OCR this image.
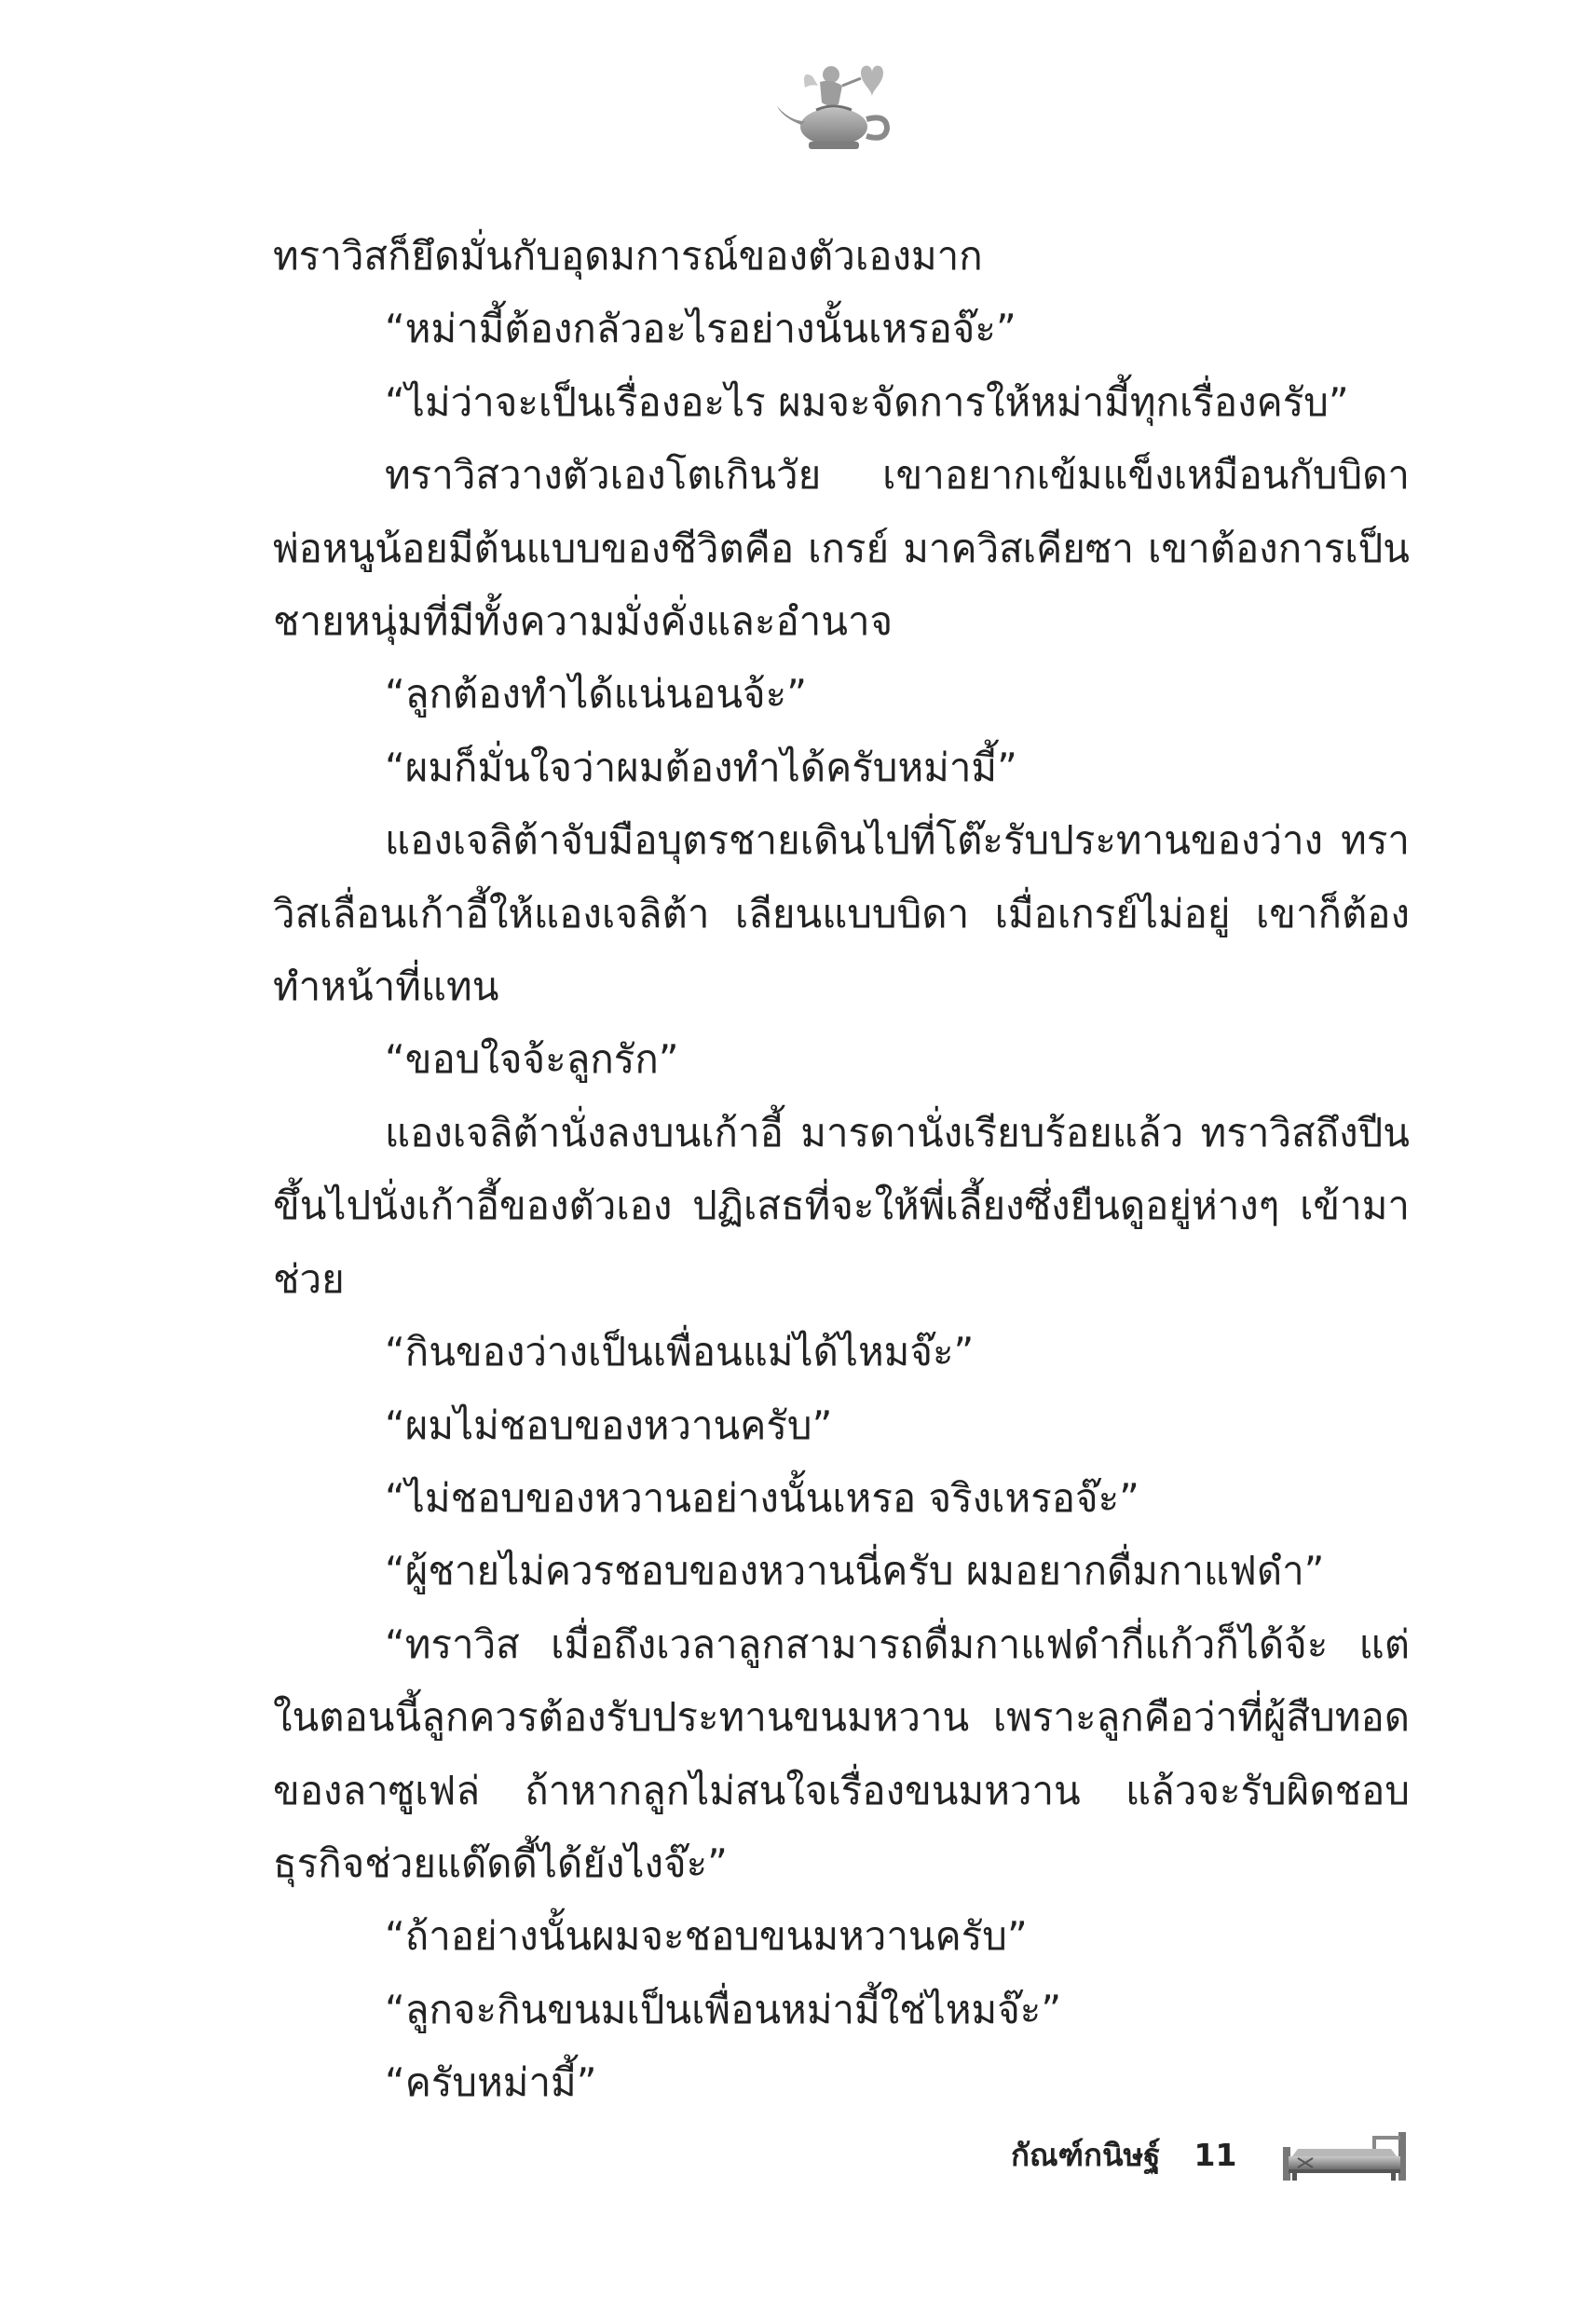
ทราวิสก็ยึดมั่นกับอุดมการณ์ของตัวเองมาก

“หม่ามี้ต้องกลัวอะไรอย่างนั้นเหรอจ๊ะ”

“ไม่ว่าจะเป็นเรื่องอะไร ผมจะจัดการให้หม่ามี้ทุกเรื่องครับ”

ทราวิสวางตัวเองโตเกินวัย เขาอยากเข้มแข็งเหมือนกับบิดา พ่อหนูน้อยมีต้นแบบของชีวิตคือ เกรย์ มาควิสเคียซา เขาต้องการเป็นชายหนุ่มที่มีทั้งความมั่งคั่งและอำนาจ

“ลูกต้องทำได้แน่นอนจ้ะ”

“ผมก็มั่นใจว่าผมต้องทำได้ครับหม่ามี้”

แองเจลิต้าจับมือบุตรชายเดินไปที่โต๊ะรับประทานของว่าง ทราวิสเลื่อนเก้าอี้ให้แองเจลิต้า เลียนแบบบิดา เมื่อเกรย์ไม่อยู่ เขาก็ต้องทำหน้าที่แทน

“ขอบใจจ้ะลูกรัก”

แองเจลิต้านั่งลงบนเก้าอี้ มารดานั่งเรียบร้อยแล้ว ทราวิสถึงปีนขึ้นไปนั่งเก้าอี้ของตัวเอง ปฏิเสธที่จะให้พี่เลี้ยงซึ่งยืนดูอยู่ห่างๆ เข้ามาช่วย

“กินของว่างเป็นเพื่อนแม่ได้ไหมจ๊ะ”

“ผมไม่ชอบของหวานครับ”

“ไม่ชอบของหวานอย่างนั้นเหรอ จริงเหรอจ๊ะ”

“ผู้ชายไม่ควรชอบของหวานนี่ครับ ผมอยากดื่มกาแฟดำ”

“ทราวิส เมื่อถึงเวลาลูกสามารถดื่มกาแฟดำกี่แก้วก็ได้จ้ะ แต่ในตอนนี้ลูกควรต้องรับประทานขนมหวาน เพราะลูกคือว่าที่ผู้สืบทอดของลาซูเฟล่ ถ้าหากลูกไม่สนใจเรื่องขนมหวาน แล้วจะรับผิดชอบธุรกิจช่วยแด๊ดดี้ได้ยังไงจ๊ะ”

“ถ้าอย่างนั้นผมจะชอบขนมหวานครับ”

“ลูกจะกินขนมเป็นเพื่อนหม่ามี้ใช่ไหมจ๊ะ”

“ครับหม่ามี้”

กัณฑ์กนิษฐ์ 11
